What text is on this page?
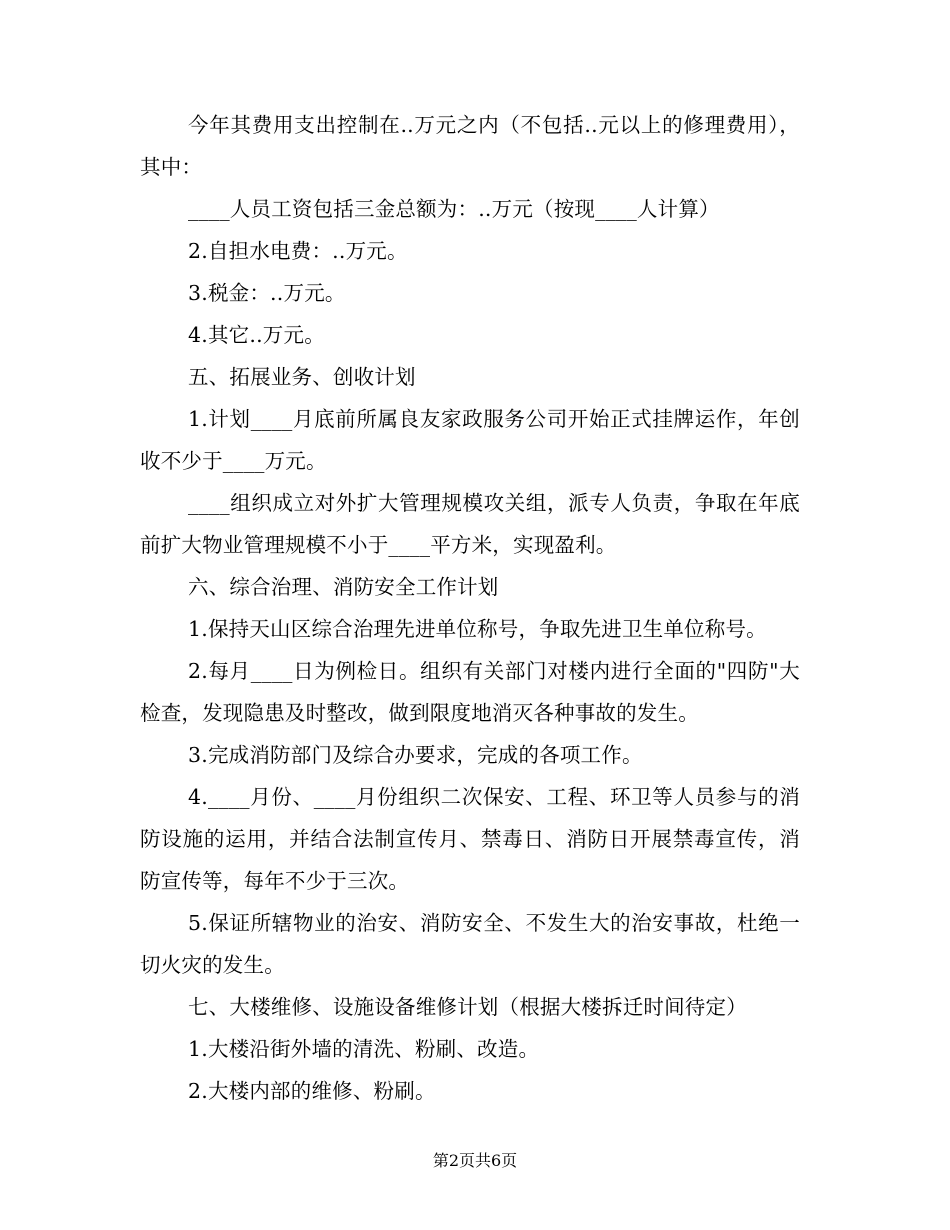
今年其费用支出控制在..万元之内（不包括..元以上的修理费用），其中：

____人员工资包括三金总额为：..万元（按现____人计算）

2.自担水电费：..万元。

3.税金：..万元。

4.其它..万元。

五、拓展业务、创收计划

1.计划____月底前所属良友家政服务公司开始正式挂牌运作，年创收不少于____万元。

____组织成立对外扩大管理规模攻关组，派专人负责，争取在年底前扩大物业管理规模不小于____平方米，实现盈利。

六、综合治理、消防安全工作计划

1.保持天山区综合治理先进单位称号，争取先进卫生单位称号。

2.每月____日为例检日。组织有关部门对楼内进行全面的"四防"大检查，发现隐患及时整改，做到限度地消灭各种事故的发生。

3.完成消防部门及综合办要求，完成的各项工作。

4.____月份、____月份组织二次保安、工程、环卫等人员参与的消防设施的运用，并结合法制宣传月、禁毒日、消防日开展禁毒宣传，消防宣传等，每年不少于三次。

5.保证所辖物业的治安、消防安全、不发生大的治安事故，杜绝一切火灾的发生。

七、大楼维修、设施设备维修计划（根据大楼拆迁时间待定）

1.大楼沿街外墙的清洗、粉刷、改造。

2.大楼内部的维修、粉刷。

第2页共6页
